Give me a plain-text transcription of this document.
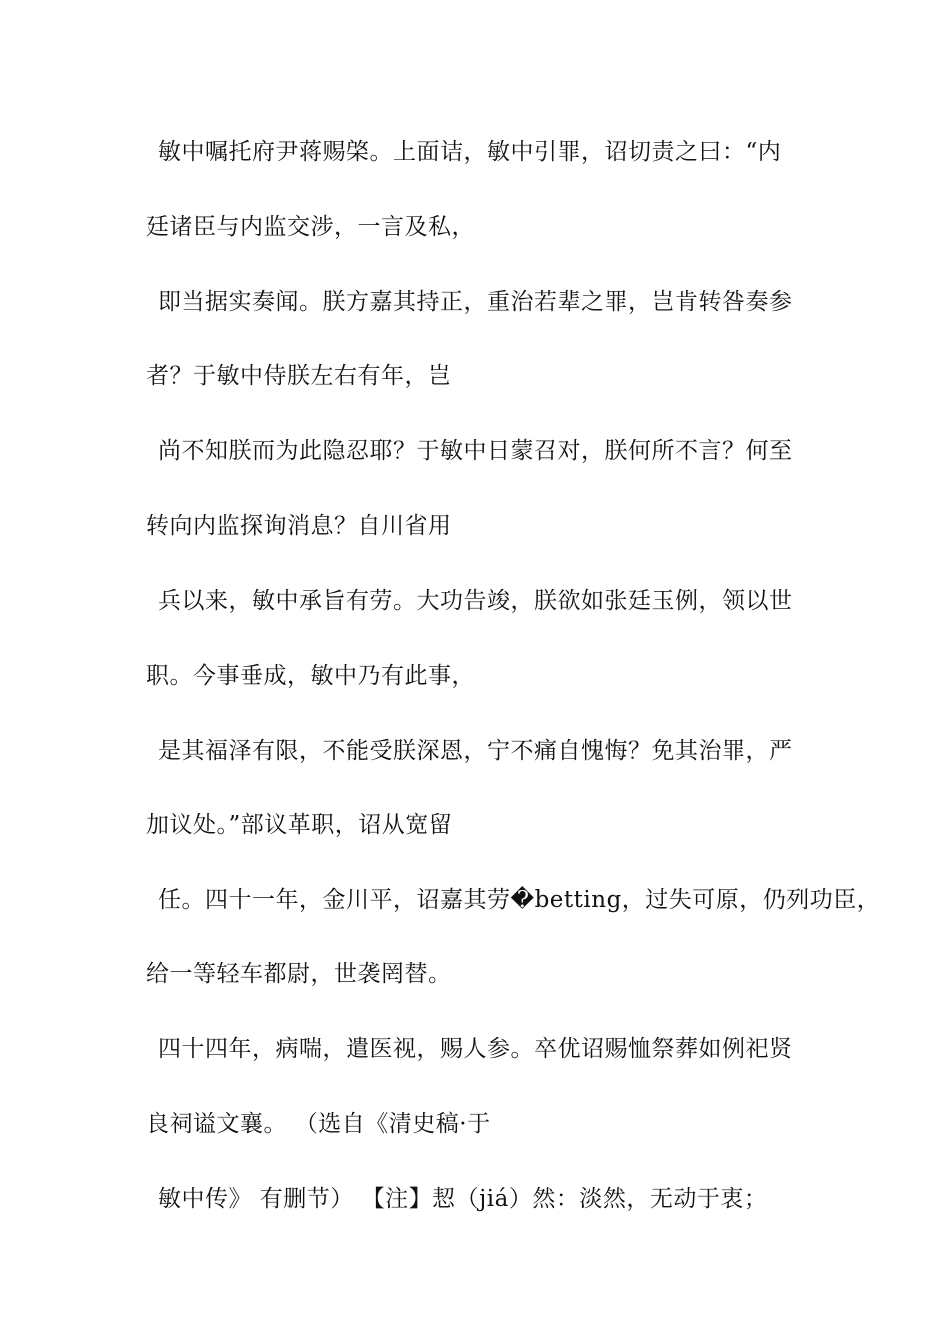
敏中嘱托府尹蒋赐棨。上面诘，敏中引罪，诏切责之曰：“内
廷诸臣与内监交涉，一言及私，
即当据实奏闻。朕方嘉其持正，重治若辈之罪，岂肯转咎奏参
者？于敏中侍朕左右有年，岂
尚不知朕而为此隐忍耶？于敏中日蒙召对，朕何所不言？何至
转向内监探询消息？自川省用
兵以来，敏中承旨有劳。大功告竣，朕欲如张廷玉例，领以世
职。今事垂成，敏中乃有此事，
是其福泽有限，不能受朕深恩，宁不痛自愧悔？免其治罪，严
加议处。”部议革职，诏从宽留
任。四十一年，金川平，诏嘉其劳�betting，过失可原，仍列功臣，
给一等轻车都尉，世袭罔替。
四十四年，病喘，遣医视，赐人参。卒优诏赐恤祭葬如例祀贤
良祠谥文襄。 （选自《清史稿·于
敏中传》 有删节） 【注】恝（jiá）然：淡然，无动于衷；
